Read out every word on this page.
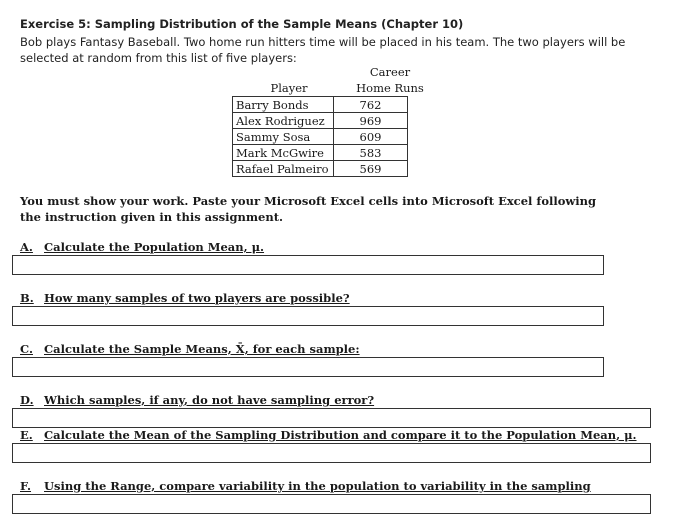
Exercise 5: Sampling Distribution of the Sample Means (Chapter 10)
Bob plays Fantasy Baseball. Two home run hitters time will be placed in his team. The two players will be selected at random from this list of five players:
Career
Player	Home Runs
Barry Bonds	762
Alex Rodriguez	969
Sammy Sosa	609
Mark McGwire	583
Rafael Palmeiro	569
You must show your work. Paste your Microsoft Excel cells into Microsoft Excel following the instruction given in this assignment.
A. Calculate the Population Mean, μ.
B. How many samples of two players are possible?
C. Calculate the Sample Means, X̄, for each sample:
D. Which samples, if any, do not have sampling error?
E. Calculate the Mean of the Sampling Distribution and compare it to the Population Mean, μ.
F. Using the Range, compare variability in the population to variability in the sampling
